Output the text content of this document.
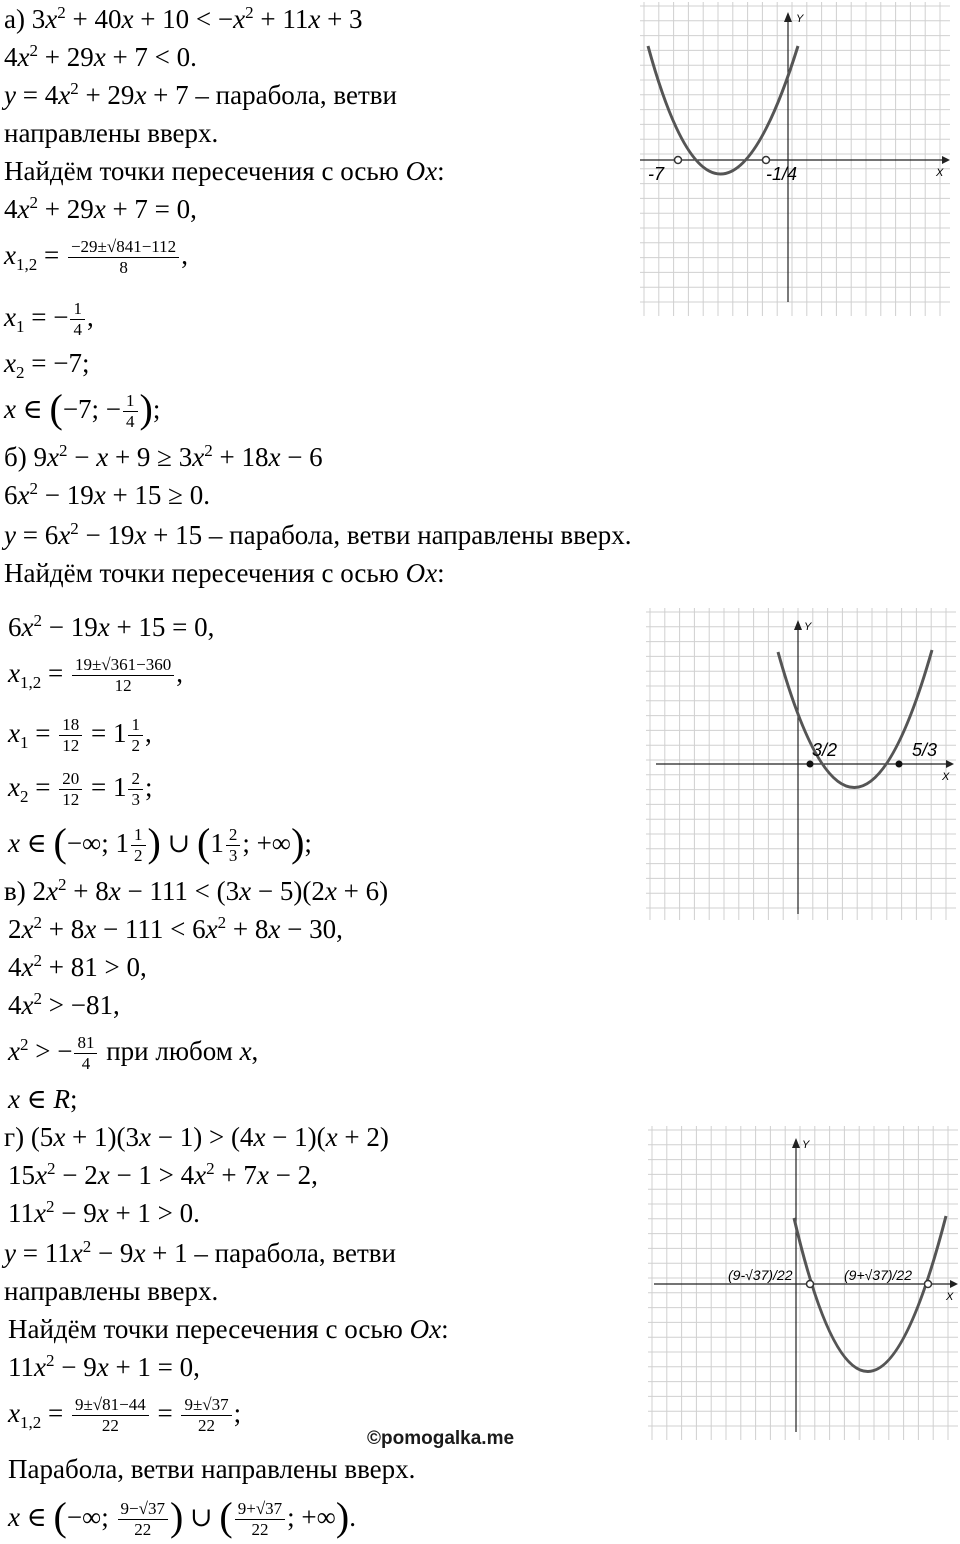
а) $3x^2 + 40x + 10 < -x^2 + 11x + 3$
$4x^2 + 29x + 7 < 0$.
$y = 4x^2 + 29x + 7$ – парабола, ветви
направлены вверх.
Найдём точки пересечения с осью Ox:
$4x^2 + 29x + 7 = 0$,
$x_{1,2} = \frac{-29\pm√841-112}{8}$ ,
$x_1$ = − $\frac{1}{4}$ ,
$x_2 = -7$;
x ∈ (−7; − $\frac{1}{4}$ );
б) $9x^2 - x + 9 \ge 3x^2 + 18x - 6$
$6x^2 - 19x + 15 \ge 0$.
$y = 6x^2 - 19x + 15$ – парабола, ветви направлены вверх.
Найдём точки пересечения с осью Ox:
$6x^2 - 19x + 15 = 0$,
$x_{1,2} = \frac{19\pm√361-360}{12}$ ,
$x_1 = \frac{18}{12} = 1 \frac{1}{2}$ ,
$x_2 = \frac{20}{12} = 1 \frac{2}{3}$ ;
x ∈ (−∞; $1 \frac{1}{2}$ ) ∪ ($1 \frac{2}{3}$ ; +∞);
в) $2x^2 + 8x - 111 < (3x - 5)(2x + 6)$
$2x^2 + 8x - 111 < 6x^2 + 8x - 30$,
$4x^2 + 81 > 0$,
$4x^2 > -81$,
$x^2$ > − $\frac{81}{4}$ при любом x,
x ∈ R;
г) (5x + 1)(3x − 1) > (4x − 1)(x + 2)
$15x^2 - 2x - 1 > 4x^2 + 7x - 2$,
$11x^2 - 9x + 1 > 0$.
$y = 11x^2 - 9x + 1$ – парабола, ветви
направлены вверх.
Найдём точки пересечения с осью Ox:
$11x^2 - 9x + 1 = 0$,
$x_{1,2} = \frac{9\pm√81-44}{22} = \frac{9\pm√37}{22}$ ;
Парабола, ветви направлены вверх.
x ∈ (−∞; $\frac{9-√37}{22}$ ) ∪ ( $\frac{9+√37}{22}$ ; +∞).
©pomogalka.me
X
Y
-7	-1/4
X
Y
3/2	5/3
X
Y
(9-√37)/22	(9+√37)/22
